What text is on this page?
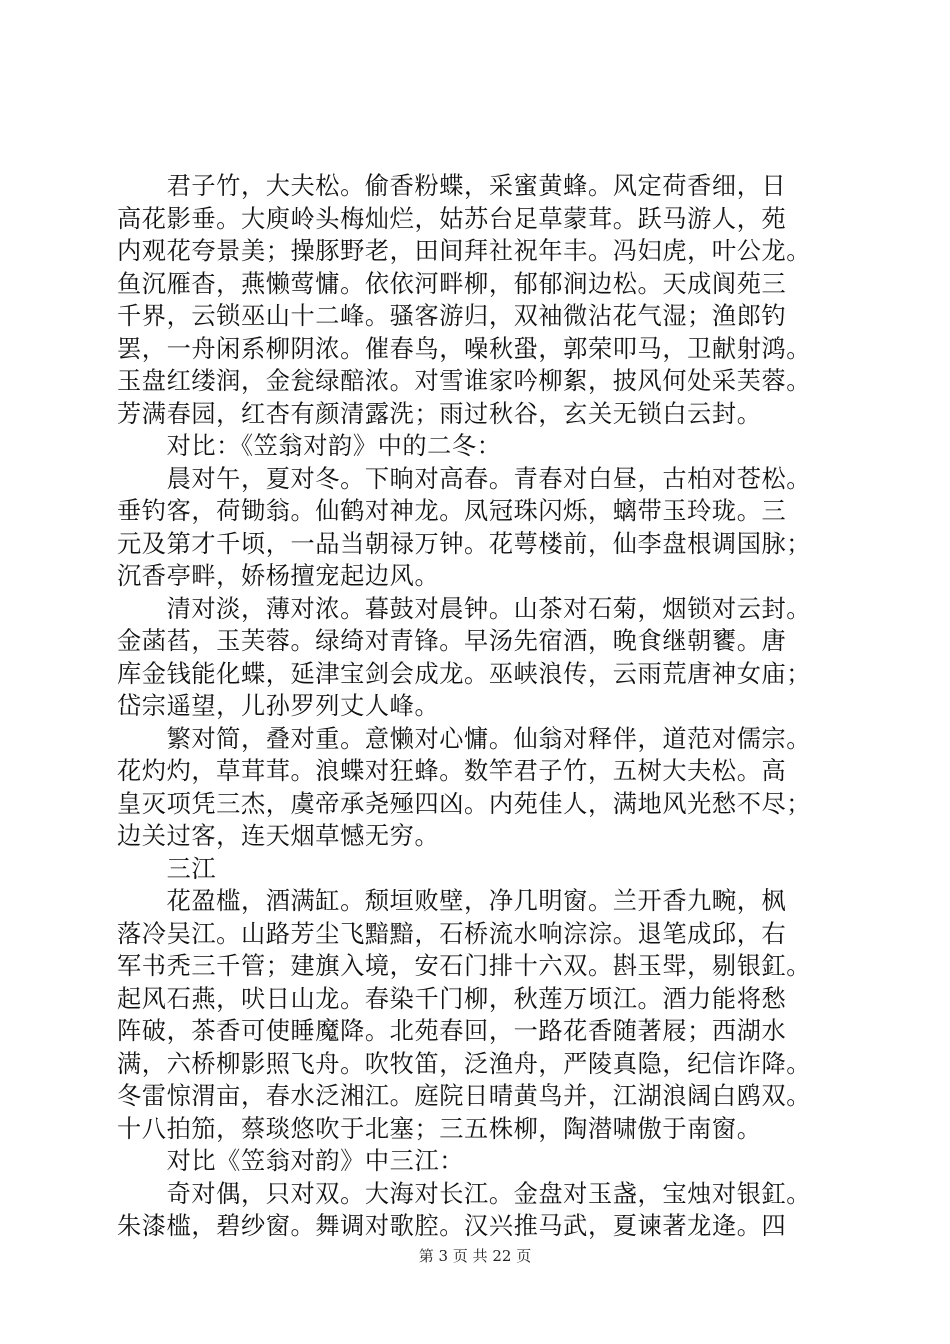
　　君子竹，大夫松。偷香粉蝶，采蜜黄蜂。风定荷香细，日
高花影垂。大庾岭头梅灿烂，姑苏台足草蒙茸。跃马游人，苑
内观花夸景美；操豚野老，田间拜社祝年丰。冯妇虎，叶公龙。
鱼沉雁杳，燕懒莺慵。依依河畔柳，郁郁涧边松。天成阆苑三
千界，云锁巫山十二峰。骚客游归，双袖微沾花气湿；渔郎钓
罢，一舟闲系柳阴浓。催春鸟，噪秋蛩，郭荣叩马，卫献射鸿。
玉盘红缕润，金瓮绿醅浓。对雪谁家吟柳絮，披风何处采芙蓉。
芳满春园，红杏有颜清露洗；雨过秋谷，玄关无锁白云封。
　　对比：《笠翁对韵》中的二冬：
　　晨对午，夏对冬。下晌对高春。青春对白昼，古柏对苍松。
垂钓客，荷锄翁。仙鹤对神龙。凤冠珠闪烁，螭带玉玲珑。三
元及第才千顷，一品当朝禄万钟。花萼楼前，仙李盘根调国脉；
沉香亭畔，娇杨擅宠起边风。
　　清对淡，薄对浓。暮鼓对晨钟。山茶对石菊，烟锁对云封。
金菡萏，玉芙蓉。绿绮对青锋。早汤先宿酒，晚食继朝饔。唐
库金钱能化蝶，延津宝剑会成龙。巫峡浪传，云雨荒唐神女庙；
岱宗遥望，儿孙罗列丈人峰。
　　繁对简，叠对重。意懒对心慵。仙翁对释伴，道范对儒宗。
花灼灼，草茸茸。浪蝶对狂蜂。数竿君子竹，五树大夫松。高
皇灭项凭三杰，虞帝承尧殛四凶。内苑佳人，满地风光愁不尽；
边关过客，连天烟草憾无穷。
　　三江
　　花盈槛，酒满缸。颓垣败壁，净几明窗。兰开香九畹，枫
落冷吴江。山路芳尘飞黯黯，石桥流水响淙淙。退笔成邱，右
军书秃三千管；建旗入境，安石门排十六双。斟玉斝，剔银釭。
起风石燕，吠日山龙。春染千门柳，秋莲万顷江。酒力能将愁
阵破，茶香可使睡魔降。北苑春回，一路花香随著屐；西湖水
满，六桥柳影照飞舟。吹牧笛，泛渔舟，严陵真隐，纪信诈降。
冬雷惊渭亩，春水泛湘江。庭院日晴黄鸟并，江湖浪阔白鸥双。
十八拍笳，蔡琰悠吹于北塞；三五株柳，陶潜啸傲于南窗。
　　对比《笠翁对韵》中三江：
　　奇对偶，只对双。大海对长江。金盘对玉盏，宝烛对银釭。
朱漆槛，碧纱窗。舞调对歌腔。汉兴推马武，夏谏著龙逄。四
第 3 页 共 22 页
